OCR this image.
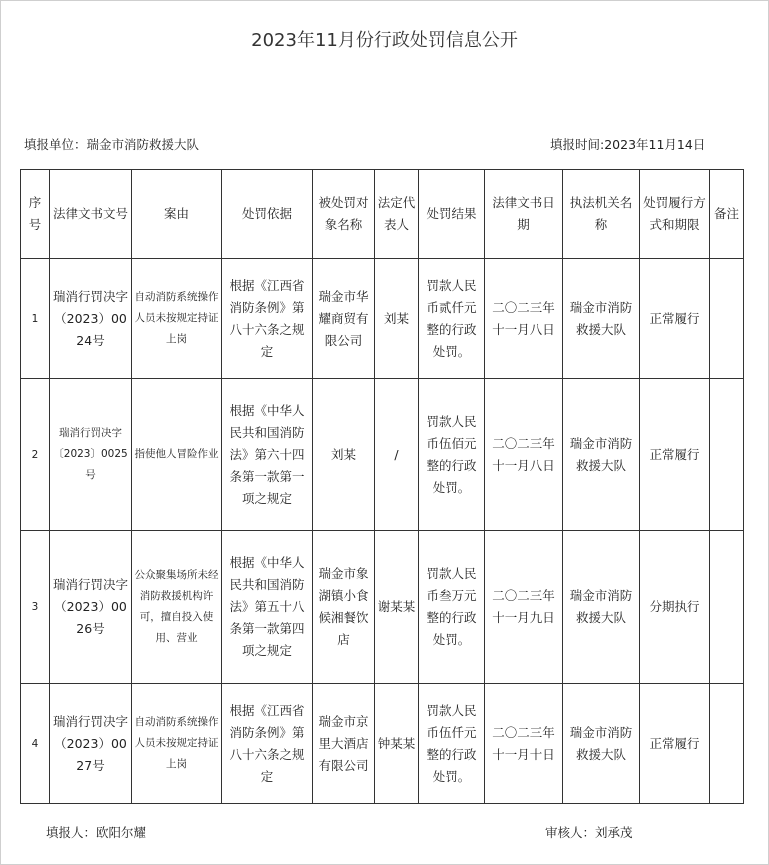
2023年11月份行政处罚信息公开
填报单位：瑞金市消防救援大队	填报时间:2023年11月14日
序号	法律文书文号	案由	处罚依据	被处罚对象名称	法定代表人	处罚结果	法律文书日期	执法机关名称	处罚履行方式和期限	备注
1	瑞消行罚决字（2023）0024号	自动消防系统操作人员未按规定持证上岗	根据《江西省消防条例》第八十六条之规定	瑞金市华耀商贸有限公司	刘某	罚款人民币贰仟元整的行政处罚。	二〇二三年十一月八日	瑞金市消防救援大队	正常履行	
2	瑞消行罚决字〔2023〕0025号	指使他人冒险作业	根据《中华人民共和国消防法》第六十四条第一款第一项之规定	刘某	/	罚款人民币伍佰元整的行政处罚。	二〇二三年十一月八日	瑞金市消防救援大队	正常履行	
3	瑞消行罚决字（2023）0026号	公众聚集场所未经消防救援机构许可，擅自投入使用、营业	根据《中华人民共和国消防法》第五十八条第一款第四项之规定	瑞金市象湖镇小食候湘餐饮店	谢某某	罚款人民币叁万元整的行政处罚。	二〇二三年十一月九日	瑞金市消防救援大队	分期执行	
4	瑞消行罚决字（2023）0027号	自动消防系统操作人员未按规定持证上岗	根据《江西省消防条例》第八十六条之规定	瑞金市京里大酒店有限公司	钟某某	罚款人民币伍仟元整的行政处罚。	二〇二三年十一月十日	瑞金市消防救援大队	正常履行	
填报人：欧阳尔耀	审核人：刘承茂
